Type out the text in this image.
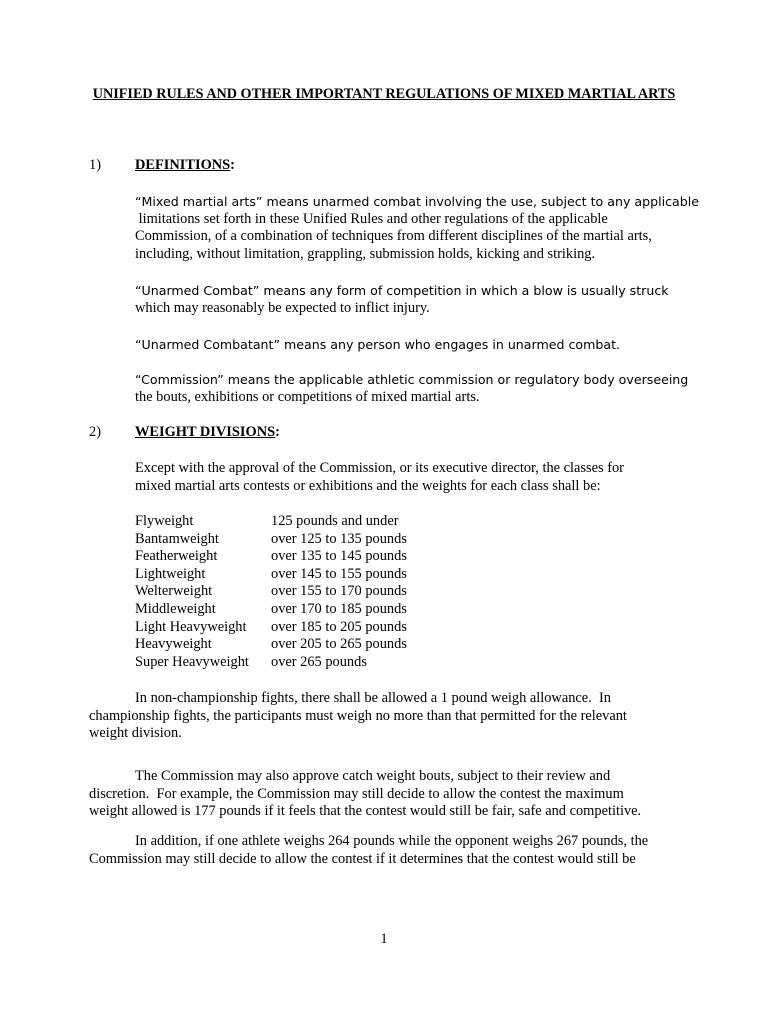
UNIFIED RULES AND OTHER IMPORTANT REGULATIONS OF MIXED MARTIAL ARTS
1) DEFINITIONS:
“Mixed martial arts” means unarmed combat involving the use, subject to any applicable
limitations set forth in these Unified Rules and other regulations of the applicable
Commission, of a combination of techniques from different disciplines of the martial arts,
including, without limitation, grappling, submission holds, kicking and striking.
“Unarmed Combat” means any form of competition in which a blow is usually struck
which may reasonably be expected to inflict injury.
“Unarmed Combatant” means any person who engages in unarmed combat.
“Commission” means the applicable athletic commission or regulatory body overseeing
the bouts, exhibitions or competitions of mixed martial arts.
2) WEIGHT DIVISIONS:
Except with the approval of the Commission, or its executive director, the classes for
mixed martial arts contests or exhibitions and the weights for each class shall be:
Flyweight	125 pounds and under
Bantamweight	over 125 to 135 pounds
Featherweight	over 135 to 145 pounds
Lightweight	over 145 to 155 pounds
Welterweight	over 155 to 170 pounds
Middleweight	over 170 to 185 pounds
Light Heavyweight over 185 to 205 pounds
Heavyweight	over 205 to 265 pounds
Super Heavyweight over 265 pounds
In non-championship fights, there shall be allowed a 1 pound weigh allowance.  In
championship fights, the participants must weigh no more than that permitted for the relevant
weight division.
The Commission may also approve catch weight bouts, subject to their review and
discretion.  For example, the Commission may still decide to allow the contest the maximum
weight allowed is 177 pounds if it feels that the contest would still be fair, safe and competitive.
In addition, if one athlete weighs 264 pounds while the opponent weighs 267 pounds, the
Commission may still decide to allow the contest if it determines that the contest would still be
1
